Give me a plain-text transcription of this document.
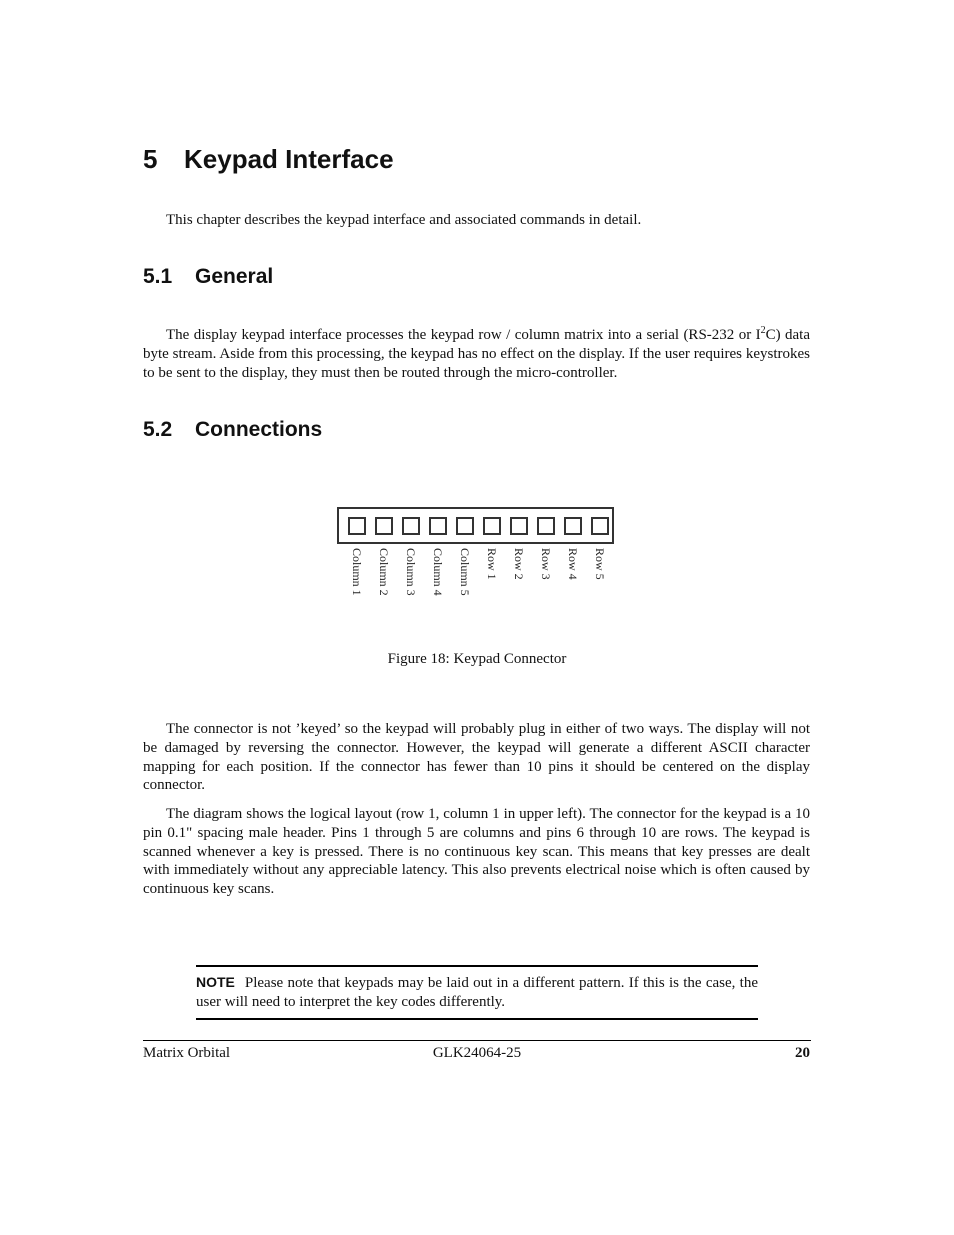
5 Keypad Interface
This chapter describes the keypad interface and associated commands in detail.
5.1 General

The display keypad interface processes the keypad row / column matrix into a serial (RS-232 or $I^2C$) data byte stream. Aside from this processing, the keypad has no effect on the display. If the user requires keystrokes to be sent to the display, they must then be routed through the micro-controller.

5.2 Connections
Column 1 Column 2 Column 3 Column 4 Column 5 Row 1 Row 2 Row 3 Row 4 Row 5
Figure 18: Keypad Connector

The connector is not ’keyed’ so the keypad will probably plug in either of two ways. The display will not be damaged by reversing the connector. However, the keypad will generate a different ASCII character mapping for each position. If the connector has fewer than 10 pins it should be centered on the display connector.

The diagram shows the logical layout (row 1, column 1 in upper left). The connector for the keypad is a 10 pin 0.1" spacing male header. Pins 1 through 5 are columns and pins 6 through 10 are rows. The keypad is scanned whenever a key is pressed. There is no continuous key scan. This means that key presses are dealt with immediately without any appreciable latency. This also prevents electrical noise which is often caused by continuous key scans.

NOTE Please note that keypads may be laid out in a different pattern. If this is the case, the user will need to interpret the key codes differently.

Matrix Orbital	GLK24064-25	20
